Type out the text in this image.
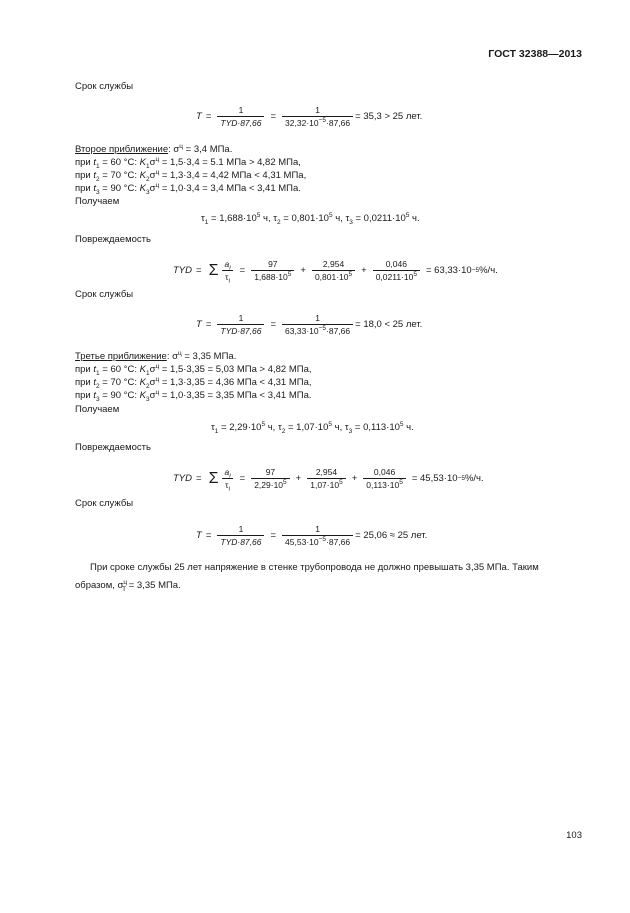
ГОСТ 32388—2013
Срок службы
$T = \frac{1}{\text{TYD·87,66}} = \frac{1}{32,32\cdot 10^{-5}\cdot 87,66} = 35,3 > 25$ лет.
Второе приближение: $\sigma^ц = 3,4$ МПа.
при $t_1 = 60$ °C: $K_1\sigma^ц = 1,5\cdot 3,4 = 5.1$ МПа > 4,82 МПа,
при $t_2 = 70$ °C: $K_2\sigma^ц = 1,3\cdot 3,4 = 4,42$ МПа < 4,31 МПа,
при $t_3 = 90$ °C: $K_3\sigma^ц = 1,0\cdot 3,4 = 3,4$ МПа < 3,41 МПа.
Получаем
$\tau_1 = 1,688\cdot 10^5$ ч, $\tau_2 = 0,801\cdot 10^5$ ч, $\tau_3 = 0,0211\cdot 10^5$ ч.
Повреждаемость
TYD = Σ $\frac{a_i}{\tau_i} = \frac{97}{1,688\cdot 10^5} + \frac{2,954}{0,801\cdot 10^5} + \frac{0,046}{0,0211\cdot 10^5} = 63,33\cdot 10 -5$ %/ч.
Срок службы
$T = \frac{1}{\text{TYD·87,66}} = \frac{1}{63,33\cdot 10^{-5}\cdot 87,66} = 18,0 < 25$ лет.
Третье приближение: $\sigma^ц = 3,35$ МПа.
при $t_1 = 60$ °C: $K_1\sigma^ц = 1,5\cdot 3,35 = 5,03$ МПа > 4,82 МПа,
при $t_2 = 70$ °C: $K_2\sigma^ц = 1,3\cdot 3,35 = 4,36$ МПа < 4,31 МПа,
при $t_3 = 90$ °C: $K_3\sigma^ц = 1,0\cdot 3,35 = 3,35$ МПа < 3,41 МПа.
Получаем
$\tau_1 = 2,29\cdot 10^5$ ч, $\tau_2 = 1,07\cdot 10^5$ ч, $\tau_3 = 0,113\cdot 10^5$ ч.
Повреждаемость
TYD = Σ $\frac{a_i}{\tau_i} = \frac{97}{2,29\cdot 10^5} + \frac{2,954}{1,07\cdot 10^5} + \frac{0,046}{0,113\cdot 10^5} = 45,53\cdot 10 -5$ %/ч.
Срок службы
$T = \frac{1}{\text{TYD·87,66}} = \frac{1}{45,53\cdot 10^{-5}\cdot 87,66} = 25,06 \approx 25$ лет.
При сроке службы 25 лет напряжение в стенке трубопровода не должно превышать 3,35 МПа. Таким
образом, $\sigma^ц_Т = 3,35$ МПа.
103
